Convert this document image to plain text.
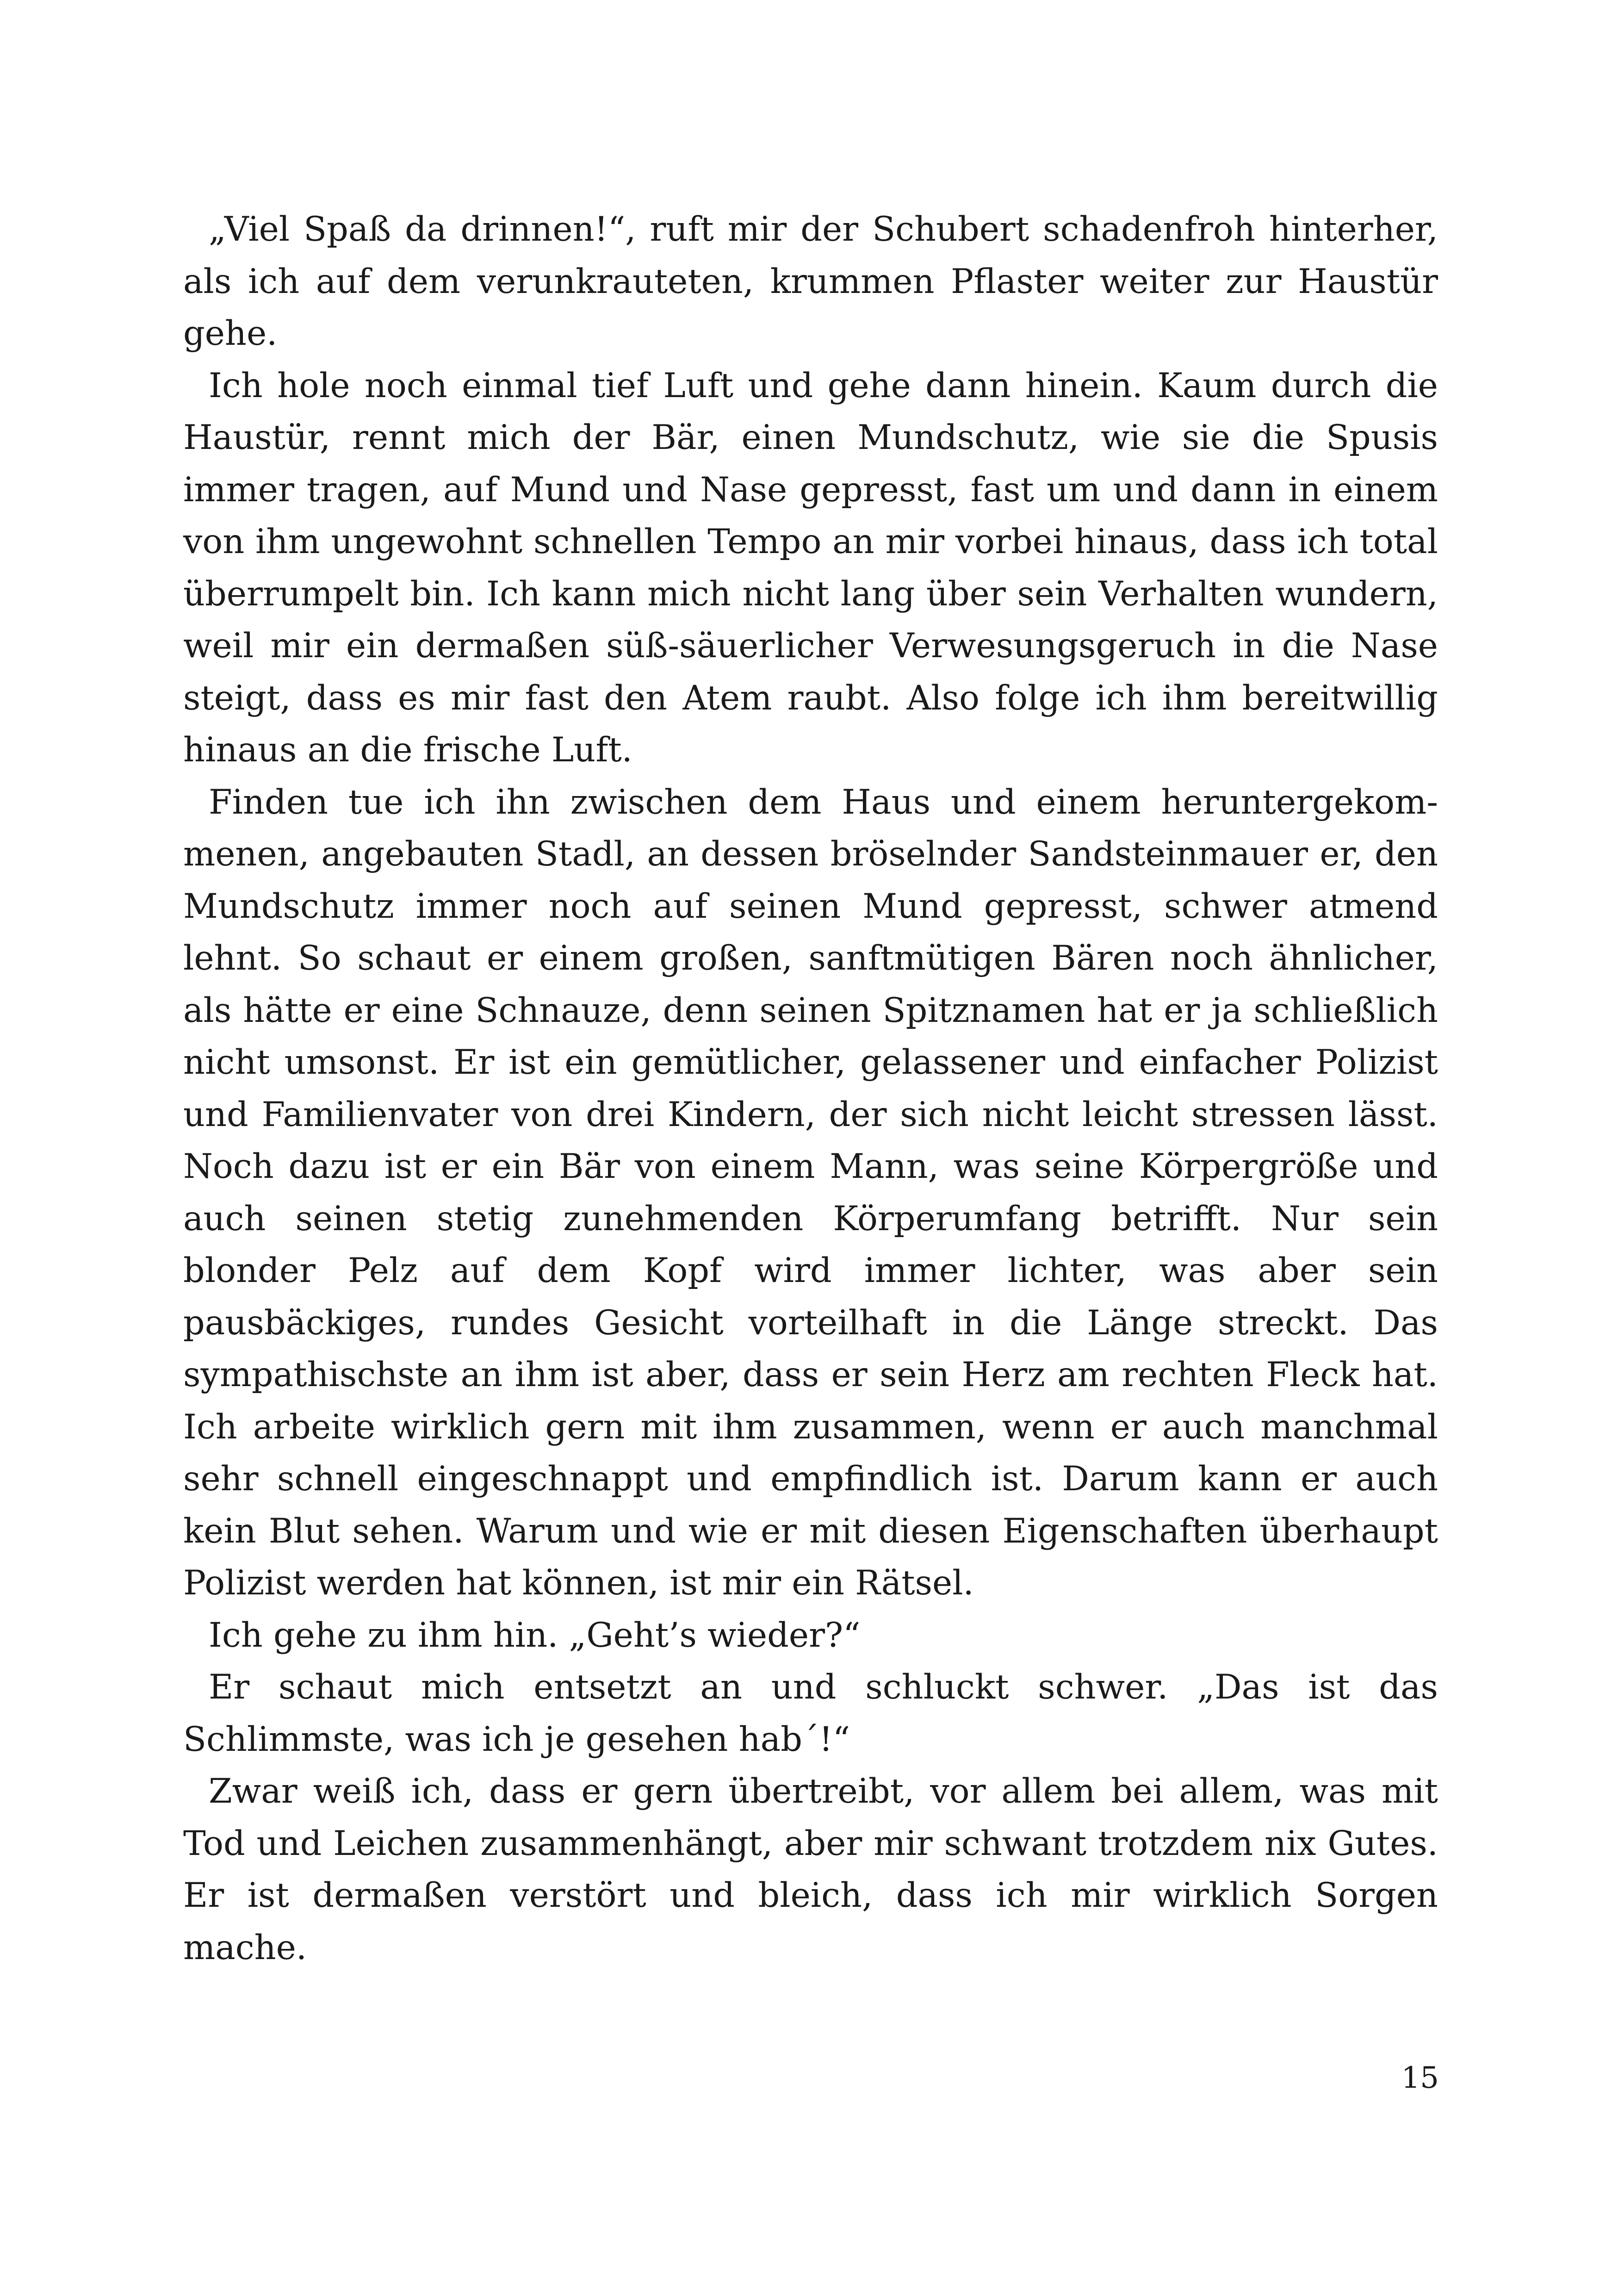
„Viel Spaß da drinnen!“, ruft mir der Schubert schadenfroh hinterher, als ich auf dem verunkrauteten, krummen Pflaster weiter zur Haustür gehe.

Ich hole noch einmal tief Luft und gehe dann hinein. Kaum durch die Haustür, rennt mich der Bär, einen Mundschutz, wie sie die Spusis immer tragen, auf Mund und Nase gepresst, fast um und dann in einem von ihm ungewohnt schnellen Tempo an mir vorbei hinaus, dass ich total überrumpelt bin. Ich kann mich nicht lang über sein Verhalten wundern, weil mir ein dermaßen süß-säuerlicher Verwesungsgeruch in die Nase steigt, dass es mir fast den Atem raubt. Also folge ich ihm bereitwillig hinaus an die frische Luft.

Finden tue ich ihn zwischen dem Haus und einem heruntergekommenen, angebauten Stadl, an dessen bröselnder Sandsteinmauer er, den Mundschutz immer noch auf seinen Mund gepresst, schwer atmend lehnt. So schaut er einem großen, sanftmütigen Bären noch ähnlicher, als hätte er eine Schnauze, denn seinen Spitznamen hat er ja schließlich nicht umsonst. Er ist ein gemütlicher, gelassener und einfacher Polizist und Familienvater von drei Kindern, der sich nicht leicht stressen lässt. Noch dazu ist er ein Bär von einem Mann, was seine Körpergröße und auch seinen stetig zunehmenden Körperumfang betrifft. Nur sein blonder Pelz auf dem Kopf wird immer lichter, was aber sein pausbäckiges, rundes Gesicht vorteilhaft in die Länge streckt. Das sympathischste an ihm ist aber, dass er sein Herz am rechten Fleck hat. Ich arbeite wirklich gern mit ihm zusammen, wenn er auch manchmal sehr schnell eingeschnappt und empfindlich ist. Darum kann er auch kein Blut sehen. Warum und wie er mit diesen Eigenschaften überhaupt Polizist werden hat können, ist mir ein Rätsel.

Ich gehe zu ihm hin. „Geht’s wieder?“

Er schaut mich entsetzt an und schluckt schwer. „Das ist das Schlimmste, was ich je gesehen hab´!“

Zwar weiß ich, dass er gern übertreibt, vor allem bei allem, was mit Tod und Leichen zusammenhängt, aber mir schwant trotzdem nix Gutes. Er ist dermaßen verstört und bleich, dass ich mir wirklich Sorgen mache.

15
